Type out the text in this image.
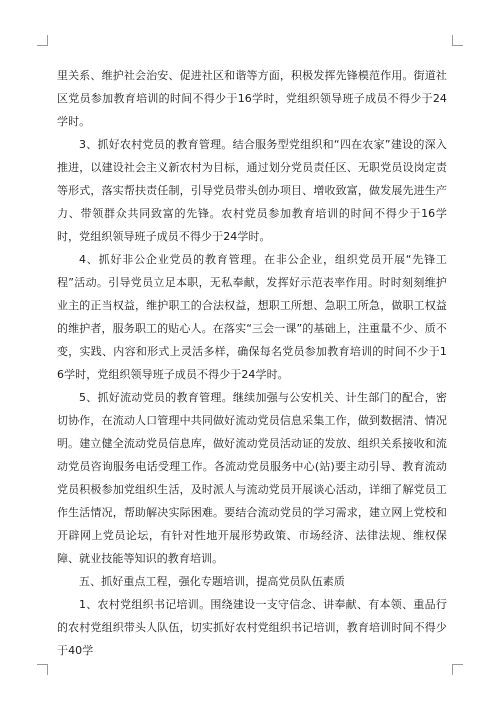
里关系、维护社会治安、促进社区和谐等方面，积极发挥先锋模范作用。街道社区党员参加教育培训的时间不得少于16学时，党组织领导班子成员不得少于24学时。

3、抓好农村党员的教育管理。结合服务型党组织和“四在农家”建设的深入推进，以建设社会主义新农村为目标，通过划分党员责任区、无职党员设岗定责等形式，落实帮扶责任制，引导党员带头创办项目、增收致富，做发展先进生产力、带领群众共同致富的先锋。农村党员参加教育培训的时间不得少于16学时，党组织领导班子成员不得少于24学时。

4、抓好非公企业党员的教育管理。在非公企业，组织党员开展“先锋工程”活动。引导党员立足本职，无私奉献，发挥好示范表率作用。时时刻刻维护业主的正当权益，维护职工的合法权益，想职工所想、急职工所急，做职工权益的维护者，服务职工的贴心人。在落实“三会一课”的基础上，注重量不少、质不变，实践、内容和形式上灵活多样，确保每名党员参加教育培训的时间不少于16学时，党组织领导班子成员不得少于24学时。

5、抓好流动党员的教育管理。继续加强与公安机关、计生部门的配合，密切协作，在流动人口管理中共同做好流动党员信息采集工作，做到数据清、情况明。建立健全流动党员信息库，做好流动党员活动证的发放、组织关系接收和流动党员咨询服务电话受理工作。各流动党员服务中心(站)要主动引导、教育流动党员积极参加党组织生活，及时派人与流动党员开展谈心活动，详细了解党员工作生活情况，帮助解决实际困难。要结合流动党员的学习需求，建立网上党校和开辟网上党员论坛，有针对性地开展形势政策、市场经济、法律法规、维权保障、就业技能等知识的教育培训。

五、抓好重点工程，强化专题培训，提高党员队伍素质

1、农村党组织书记培训。围绕建设一支守信念、讲奉献、有本领、重品行的农村党组织带头人队伍，切实抓好农村党组织书记培训，教育培训时间不得少于40学
